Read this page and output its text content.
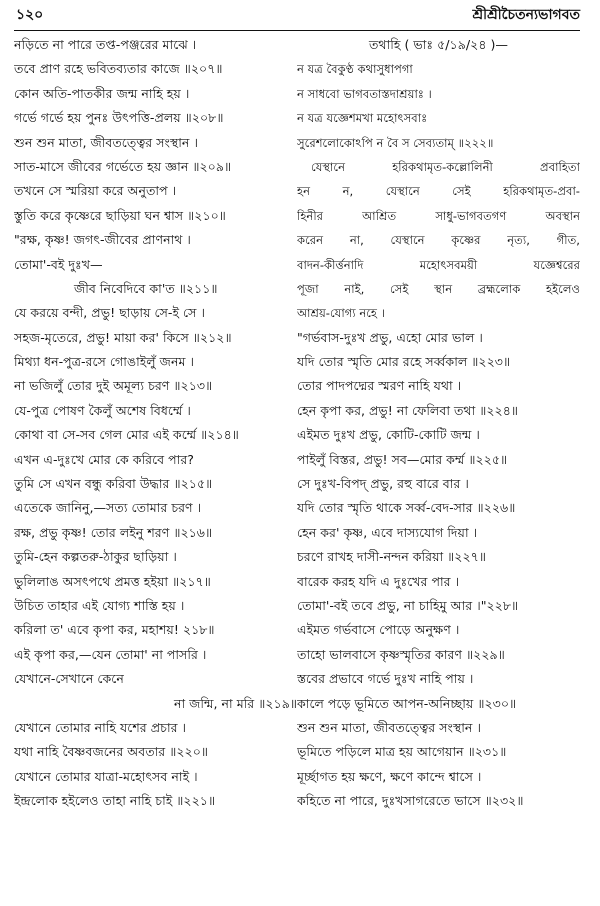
১২০	শ্রীশ্রীচৈতন্যভাগবত
নড়িতে না পারে তপ্ত-পঞ্জরের মাঝে ।
তবে প্রাণ রহে ভবিতব্যতার কাজে ॥২০৭॥
কোন অতি-পাতকীর জন্ম নাহি হয় ।
গর্ভে গর্ভে হয় পুনঃ উৎপত্তি-প্রলয় ॥২০৮॥
শুন শুন মাতা, জীবতত্ত্বের সংস্থান ।
সাত-মাসে জীবের গর্ভেতে হয় জ্ঞান ॥২০৯॥
তখনে সে স্মরিয়া করে অনুতাপ ।
স্তুতি করে কৃষ্ণেরে ছাড়িয়া ঘন শ্বাস ॥২১০॥
"রক্ষ, কৃষ্ণ! জগৎ-জীবের প্রাণনাথ ।
তোমা'-বই দুঃখ—
জীব নিবেদিবে কা'ত ॥২১১॥
যে করয়ে বন্দী, প্রভু! ছাড়ায় সে-ই সে ।
সহজ-মৃতেরে, প্রভু! মায়া কর' কিসে ॥২১২॥
মিথ্যা ধন-পুত্র-রসে গোঙাইলুঁ জনম ।
না ভজিলুঁ তোর দুই অমূল্য চরণ ॥২১৩॥
যে-পুত্র পোষণ কৈলুঁ অশেষ বিধর্ম্মে ।
কোথা বা সে-সব গেল মোর এই কর্ম্মে ॥২১৪॥
এখন এ-দুঃখে মোর কে করিবে পার?
তুমি সে এখন বন্ধু করিবা উদ্ধার ॥২১৫॥
এতেকে জানিনু,—সত্য তোমার চরণ ।
রক্ষ, প্রভু কৃষ্ণ! তোর লইনু শরণ ॥২১৬॥
তুমি-হেন কল্পতরু-ঠাকুর ছাড়িয়া ।
ভুলিলাঙ অসৎপথে প্রমত্ত হইয়া ॥২১৭॥
উচিত তাহার এই যোগ্য শাস্তি হয় ।
করিলা ত' এবে কৃপা কর, মহাশয়! ২১৮॥
এই কৃপা কর,—যেন তোমা' না পাসরি ।
যেখানে-সেখানে কেনে
না জন্মি, না মরি ॥২১৯॥
যেখানে তোমার নাহি যশের প্রচার ।
যথা নাহি বৈষ্ণবজনের অবতার ॥২২০॥
যেখানে তোমার যাত্রা-মহোৎসব নাই ।
ইন্দ্রলোক হইলেও তাহা নাহি চাই ॥২২১॥
তথাহি ( ভাঃ ৫/১৯/২৪ )—
ন যত্র বৈকুণ্ঠ কথাসুধাপগা
ন সাধবো ভাগবতাস্তদাশ্রয়াঃ ।
ন যত্র যজ্ঞেশমখা মহোৎসবাঃ
সুরেশলোকোঽপি ন বৈ স সেব্যতাম্ ॥২২২॥
যেস্থানে হরিকথামৃত-কল্লোলিনী প্রবাহিতা
হন ন, যেস্থানে সেই হরিকথামৃত-প্রবা-
হিনীর আশ্রিত সাধু-ভাগবতগণ অবস্থান
করেন না, যেস্থানে কৃষ্ণের নৃত্য, গীত,
বাদন-কীর্ত্তনাদি মহোৎসবময়ী যজ্ঞেশ্বরের
পূজা নাই, সেই স্থান ব্রহ্মলোক হইলেও
আশ্রয়-যোগ্য নহে ।
"গর্ভবাস-দুঃখ প্রভু, এহো মোর ভাল ।
যদি তোর স্মৃতি মোর রহে সর্ব্বকাল ॥২২৩॥
তোর পাদপদ্মের স্মরণ নাহি যথা ।
হেন কৃপা কর, প্রভু! না ফেলিবা তথা ॥২২৪॥
এইমত দুঃখ প্রভু, কোটি-কোটি জন্ম ।
পাইলুঁ বিস্তর, প্রভু! সব—মোর কর্ম্ম ॥২২৫॥
সে দুঃখ-বিপদ্ প্রভু, রহু বারে বার ।
যদি তোর স্মৃতি থাকে সর্ব্ব-বেদ-সার ॥২২৬॥
হেন কর' কৃষ্ণ, এবে দাস্যযোগ দিয়া ।
চরণে রাখহ দাসী-নন্দন করিয়া ॥২২৭॥
বারেক করহ যদি এ দুঃখের পার ।
তোমা'-বই তবে প্রভু, না চাহিমু আর ।"২২৮॥
এইমত গর্ভবাসে পোড়ে অনুক্ষণ ।
তাহো ভালবাসে কৃষ্ণস্মৃতির কারণ ॥২২৯॥
স্তবের প্রভাবে গর্ভে দুঃখ নাহি পায় ।
কালে পড়ে ভূমিতে আপন-অনিচ্ছায় ॥২৩০॥
শুন শুন মাতা, জীবতত্ত্বের সংস্থান ।
ভূমিতে পড়িলে মাত্র হয় আগেয়ান ॥২৩১॥
মূর্চ্ছাগত হয় ক্ষণে, ক্ষণে কান্দে শ্বাসে ।
কহিতে না পারে, দুঃখসাগরেতে ভাসে ॥২৩২॥
